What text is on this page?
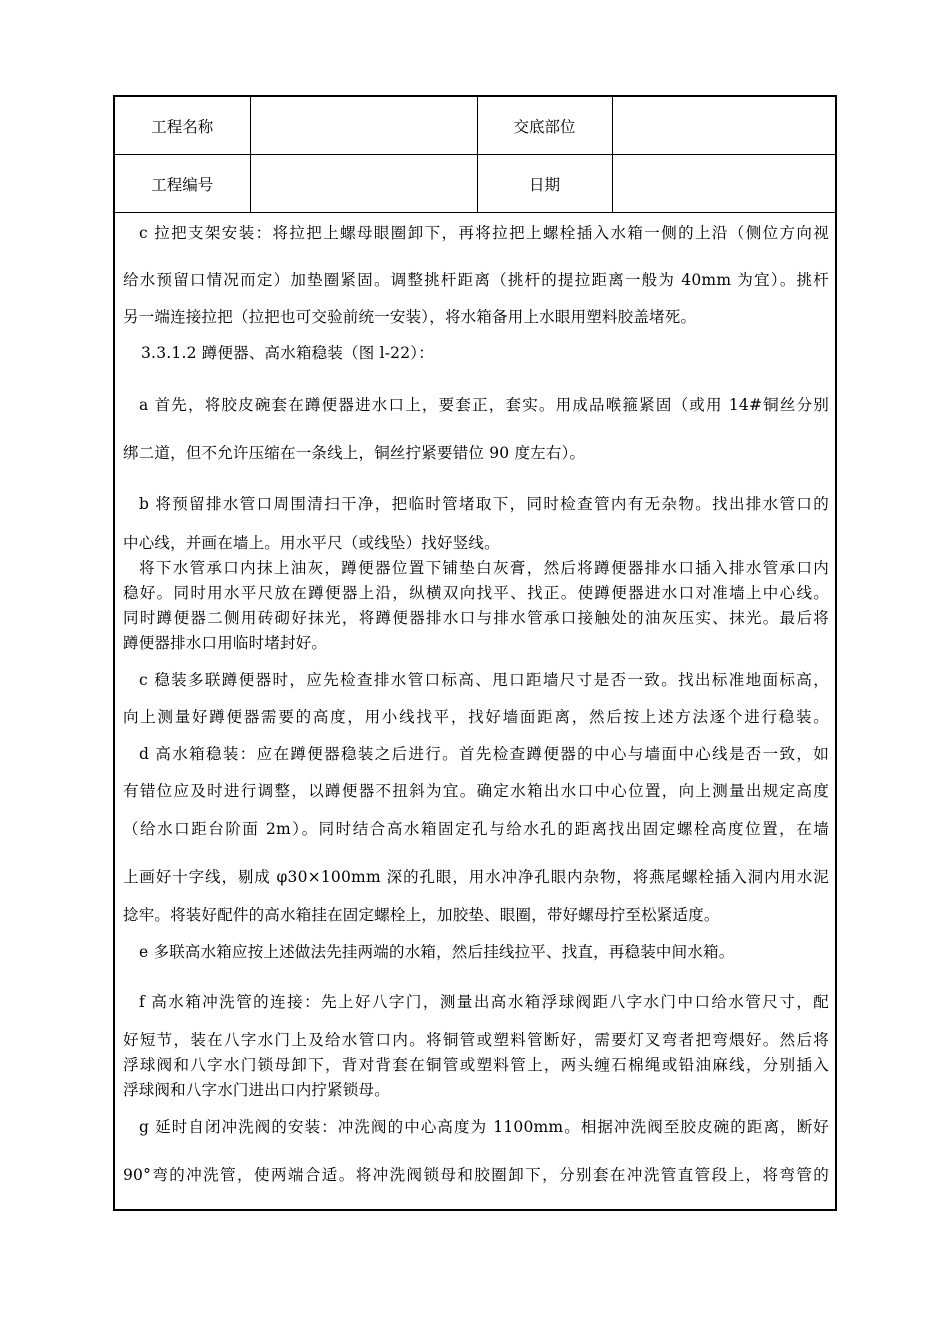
工程名称		交底部位	
工程编号		日期	
c 拉把支架安装：将拉把上螺母眼圈卸下，再将拉把上螺栓插入水箱一侧的上沿（侧位方向视
给水预留口情况而定）加垫圈紧固。调整挑杆距离（挑杆的提拉距离一般为 40mm 为宜）。挑杆
另一端连接拉把（拉把也可交验前统一安装），将水箱备用上水眼用塑料胶盖堵死。
3.3.1.2 蹲便器、高水箱稳装（图 l-22）：
a 首先，将胶皮碗套在蹲便器进水口上，要套正，套实。用成品喉箍紧固（或用 14#铜丝分别
绑二道，但不允许压缩在一条线上，铜丝拧紧要错位 90 度左右）。
b 将预留排水管口周围清扫干净，把临时管堵取下，同时检查管内有无杂物。找出排水管口的
中心线，并画在墙上。用水平尺（或线坠）找好竖线。
将下水管承口内抹上油灰，蹲便器位置下铺垫白灰膏，然后将蹲便器排水口插入排水管承口内
稳好。同时用水平尺放在蹲便器上沿，纵横双向找平、找正。使蹲便器进水口对准墙上中心线。
同时蹲便器二侧用砖砌好抹光，将蹲便器排水口与排水管承口接触处的油灰压实、抹光。最后将
蹲便器排水口用临时堵封好。
c 稳装多联蹲便器时，应先检查排水管口标高、甩口距墙尺寸是否一致。找出标准地面标高，
向上测量好蹲便器需要的高度，用小线找平，找好墙面距离，然后按上述方法逐个进行稳装。
d 高水箱稳装：应在蹲便器稳装之后进行。首先检查蹲便器的中心与墙面中心线是否一致，如
有错位应及时进行调整，以蹲便器不扭斜为宜。确定水箱出水口中心位置，向上测量出规定高度
（给水口距台阶面 2m）。同时结合高水箱固定孔与给水孔的距离找出固定螺栓高度位置，在墙
上画好十字线，剔成 φ30×100mm 深的孔眼，用水冲净孔眼内杂物，将燕尾螺栓插入洞内用水泥
捻牢。将装好配件的高水箱挂在固定螺栓上，加胶垫、眼圈，带好螺母拧至松紧适度。
e 多联高水箱应按上述做法先挂两端的水箱，然后挂线拉平、找直，再稳装中间水箱。
f 高水箱冲洗管的连接：先上好八字门，测量出高水箱浮球阀距八字水门中口给水管尺寸，配
好短节，装在八字水门上及给水管口内。将铜管或塑料管断好，需要灯叉弯者把弯煨好。然后将
浮球阀和八字水门锁母卸下，背对背套在铜管或塑料管上，两头缠石棉绳或铅油麻线，分别插入
浮球阀和八字水门进出口内拧紧锁母。
g 延时自闭冲洗阀的安装：冲洗阀的中心高度为 1100mm。相据冲洗阀至胶皮碗的距离，断好
90°弯的冲洗管，使两端合适。将冲洗阀锁母和胶圈卸下，分别套在冲洗管直管段上，将弯管的
